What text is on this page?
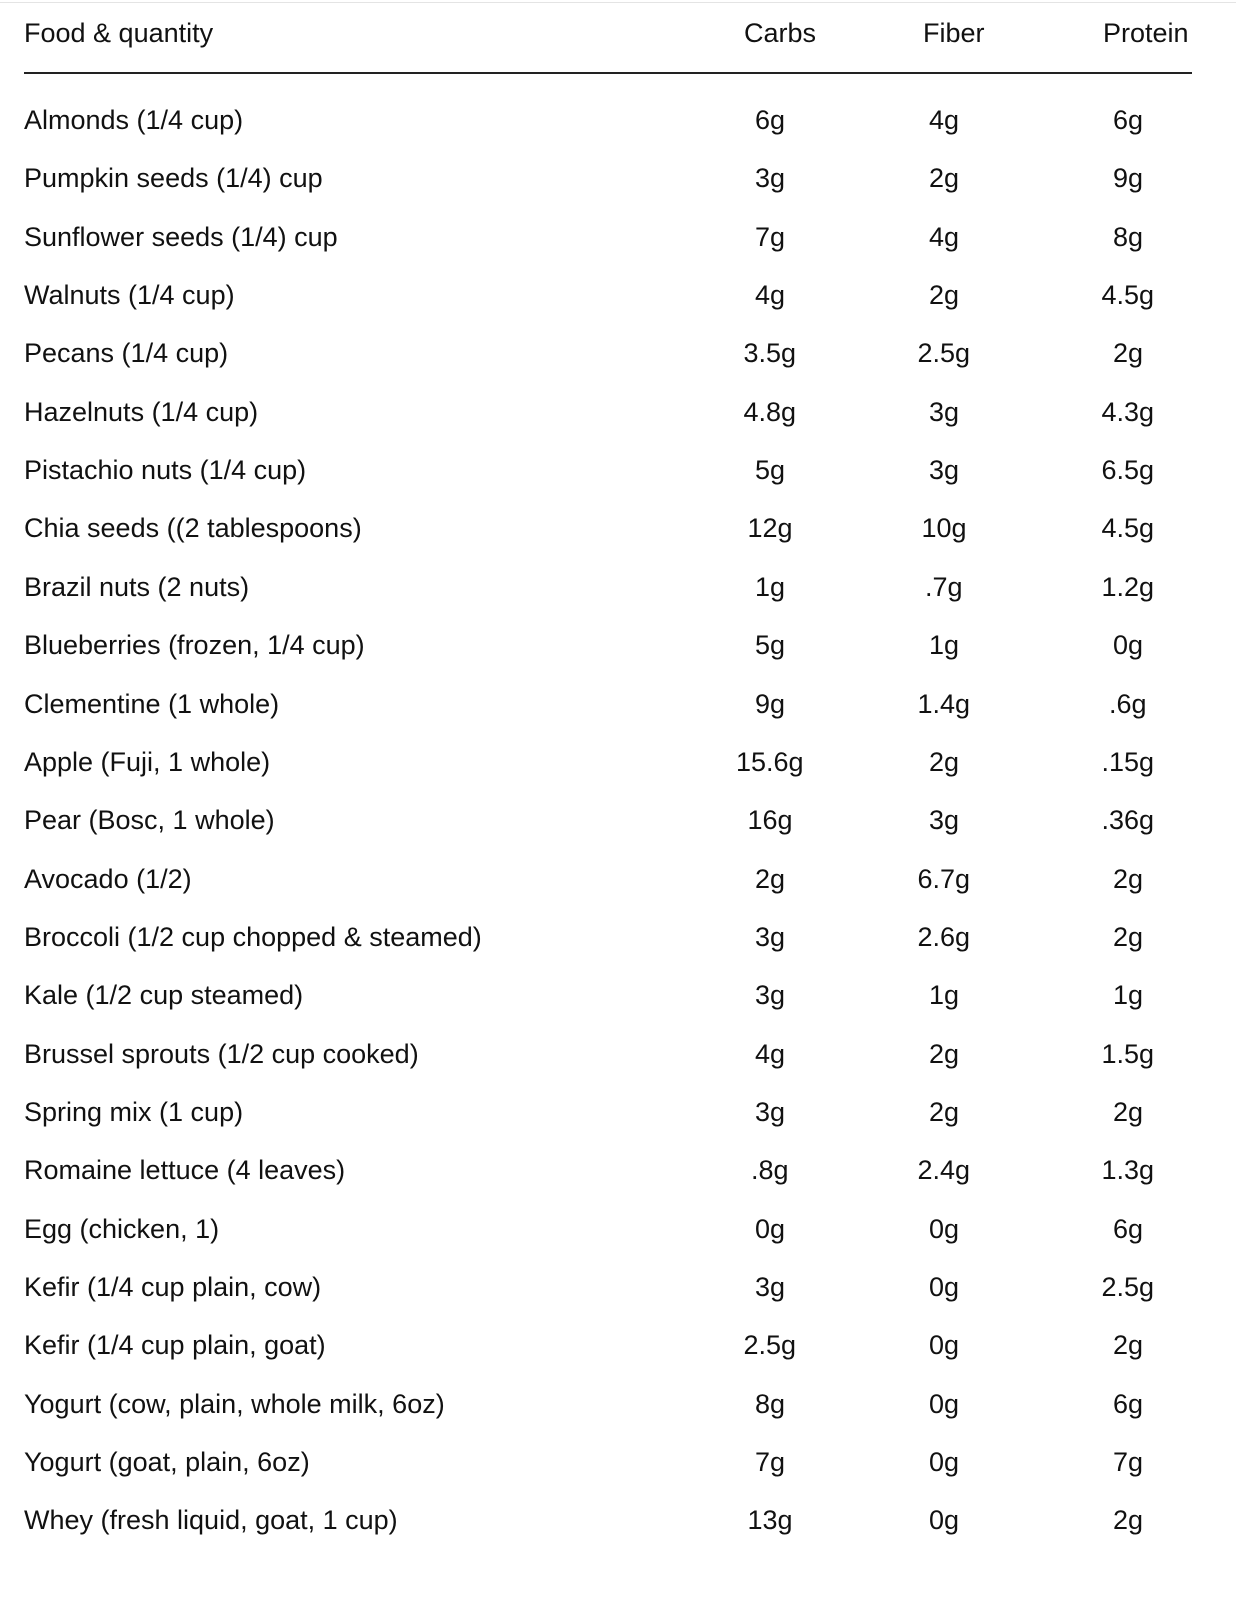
Food & quantity	Carbs	Fiber	Protein
Almonds (1/4 cup)	6g	4g	6g
Pumpkin seeds (1/4) cup	3g	2g	9g
Sunflower seeds (1/4) cup	7g	4g	8g
Walnuts (1/4 cup)	4g	2g	4.5g
Pecans (1/4 cup)	3.5g	2.5g	2g
Hazelnuts (1/4 cup)	4.8g	3g	4.3g
Pistachio nuts (1/4 cup)	5g	3g	6.5g
Chia seeds ((2 tablespoons)	12g	10g	4.5g
Brazil nuts (2 nuts)	1g	.7g	1.2g
Blueberries (frozen, 1/4 cup)	5g	1g	0g
Clementine (1 whole)	9g	1.4g	.6g
Apple (Fuji, 1 whole)	15.6g	2g	.15g
Pear (Bosc, 1 whole)	16g	3g	.36g
Avocado (1/2)	2g	6.7g	2g
Broccoli (1/2 cup chopped & steamed)	3g	2.6g	2g
Kale (1/2 cup steamed)	3g	1g	1g
Brussel sprouts (1/2 cup cooked)	4g	2g	1.5g
Spring mix (1 cup)	3g	2g	2g
Romaine lettuce (4 leaves)	.8g	2.4g	1.3g
Egg (chicken, 1)	0g	0g	6g
Kefir (1/4 cup plain, cow)	3g	0g	2.5g
Kefir (1/4 cup plain, goat)	2.5g	0g	2g
Yogurt (cow, plain, whole milk, 6oz)	8g	0g	6g
Yogurt (goat, plain, 6oz)	7g	0g	7g
Whey (fresh liquid, goat, 1 cup)	13g	0g	2g
